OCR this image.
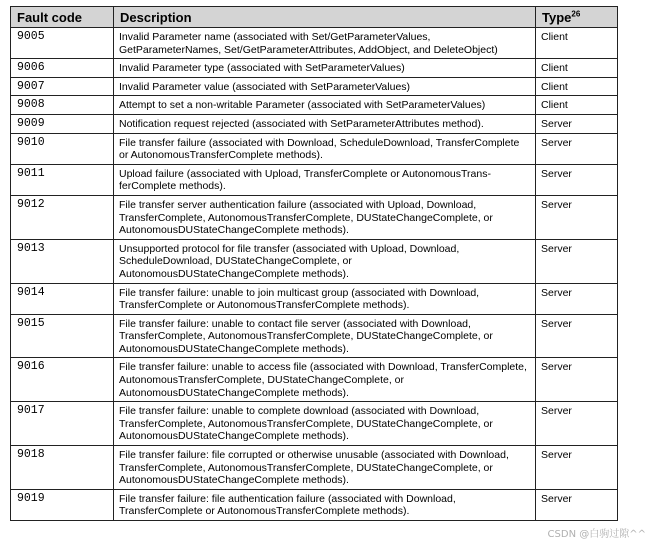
Fault code	Description	Type$^{26}$
9005	Invalid Parameter name (associated with Set/GetParameterValues, GetParameterNames, Set/GetParameterAttributes, AddObject, and DeleteObject)	Client
9006	Invalid Parameter type (associated with SetParameterValues)	Client
9007	Invalid Parameter value (associated with SetParameterValues)	Client
9008	Attempt to set a non-writable Parameter (associated with SetParameterValues)	Client
9009	Notification request rejected (associated with SetParameterAttributes method).	Server
9010	File transfer failure (associated with Download, ScheduleDownload, TransferComplete or AutonomousTransferComplete methods).	Server
9011	Upload failure (associated with Upload, TransferComplete or AutonomousTrans-ferComplete methods).	Server
9012	File transfer server authentication failure (associated with Upload, Download, TransferComplete, AutonomousTransferComplete, DUStateChangeComplete, or AutonomousDUStateChangeComplete methods).	Server
9013	Unsupported protocol for file transfer (associated with Upload, Download, ScheduleDownload, DUStateChangeComplete, or AutonomousDUStateChangeComplete methods).	Server
9014	File transfer failure: unable to join multicast group (associated with Download, TransferComplete or AutonomousTransferComplete methods).	Server
9015	File transfer failure: unable to contact file server (associated with Download, TransferComplete, AutonomousTransferComplete, DUStateChangeComplete, or AutonomousDUStateChangeComplete methods).	Server
9016	File transfer failure: unable to access file (associated with Download, TransferComplete, AutonomousTransferComplete, DUStateChangeComplete, or AutonomousDUStateChangeComplete methods).	Server
9017	File transfer failure: unable to complete download (associated with Download, TransferComplete, AutonomousTransferComplete, DUStateChangeComplete, or AutonomousDUStateChangeComplete methods).	Server
9018	File transfer failure: file corrupted or otherwise unusable (associated with Download, TransferComplete, AutonomousTransferComplete, DUStateChangeComplete, or AutonomousDUStateChangeComplete methods).	Server
9019	File transfer failure: file authentication failure (associated with Download, TransferComplete or AutonomousTransferComplete methods).	Server
CSDN @白驹过隙^^
